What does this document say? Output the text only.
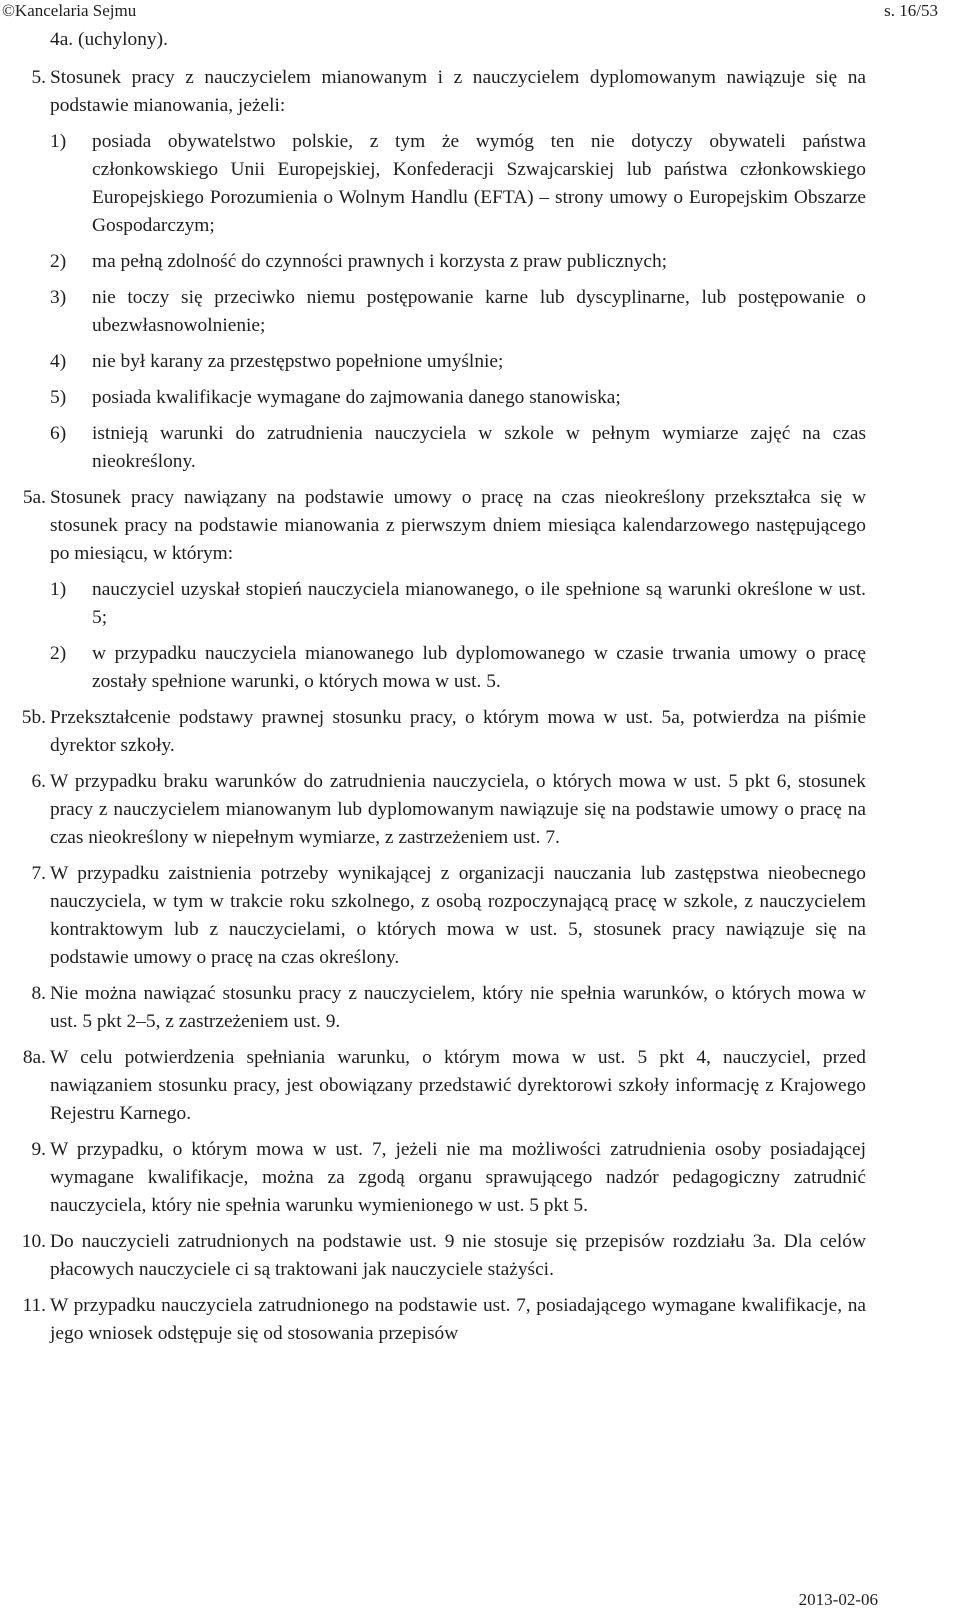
©Kancelaria Sejmu	s. 16/53
4a. (uchylony).
5. Stosunek pracy z nauczycielem mianowanym i z nauczycielem dyplomowanym nawiązuje się na podstawie mianowania, jeżeli:
1) posiada obywatelstwo polskie, z tym że wymóg ten nie dotyczy obywateli państwa członkowskiego Unii Europejskiej, Konfederacji Szwajcarskiej lub państwa członkowskiego Europejskiego Porozumienia o Wolnym Handlu (EFTA) – strony umowy o Europejskim Obszarze Gospodarczym;
2) ma pełną zdolność do czynności prawnych i korzysta z praw publicznych;
3) nie toczy się przeciwko niemu postępowanie karne lub dyscyplinarne, lub postępowanie o ubezwłasnowolnienie;
4) nie był karany za przestępstwo popełnione umyślnie;
5) posiada kwalifikacje wymagane do zajmowania danego stanowiska;
6) istnieją warunki do zatrudnienia nauczyciela w szkole w pełnym wymiarze zajęć na czas nieokreślony.
5a. Stosunek pracy nawiązany na podstawie umowy o pracę na czas nieokreślony przekształca się w stosunek pracy na podstawie mianowania z pierwszym dniem miesiąca kalendarzowego następującego po miesiącu, w którym:
1) nauczyciel uzyskał stopień nauczyciela mianowanego, o ile spełnione są warunki określone w ust. 5;
2) w przypadku nauczyciela mianowanego lub dyplomowanego w czasie trwania umowy o pracę zostały spełnione warunki, o których mowa w ust. 5.
5b. Przekształcenie podstawy prawnej stosunku pracy, o którym mowa w ust. 5a, potwierdza na piśmie dyrektor szkoły.
6. W przypadku braku warunków do zatrudnienia nauczyciela, o których mowa w ust. 5 pkt 6, stosunek pracy z nauczycielem mianowanym lub dyplomowanym nawiązuje się na podstawie umowy o pracę na czas nieokreślony w niepełnym wymiarze, z zastrzeżeniem ust. 7.
7. W przypadku zaistnienia potrzeby wynikającej z organizacji nauczania lub zastępstwa nieobecnego nauczyciela, w tym w trakcie roku szkolnego, z osobą rozpoczynającą pracę w szkole, z nauczycielem kontraktowym lub z nauczycielami, o których mowa w ust. 5, stosunek pracy nawiązuje się na podstawie umowy o pracę na czas określony.
8. Nie można nawiązać stosunku pracy z nauczycielem, który nie spełnia warunków, o których mowa w ust. 5 pkt 2–5, z zastrzeżeniem ust. 9.
8a. W celu potwierdzenia spełniania warunku, o którym mowa w ust. 5 pkt 4, nauczyciel, przed nawiązaniem stosunku pracy, jest obowiązany przedstawić dyrektorowi szkoły informację z Krajowego Rejestru Karnego.
9. W przypadku, o którym mowa w ust. 7, jeżeli nie ma możliwości zatrudnienia osoby posiadającej wymagane kwalifikacje, można za zgodą organu sprawującego nadzór pedagogiczny zatrudnić nauczyciela, który nie spełnia warunku wymienionego w ust. 5 pkt 5.
10. Do nauczycieli zatrudnionych na podstawie ust. 9 nie stosuje się przepisów rozdziału 3a. Dla celów płacowych nauczyciele ci są traktowani jak nauczyciele stażyści.
11. W przypadku nauczyciela zatrudnionego na podstawie ust. 7, posiadającego wymagane kwalifikacje, na jego wniosek odstępuje się od stosowania przepisów
2013-02-06
